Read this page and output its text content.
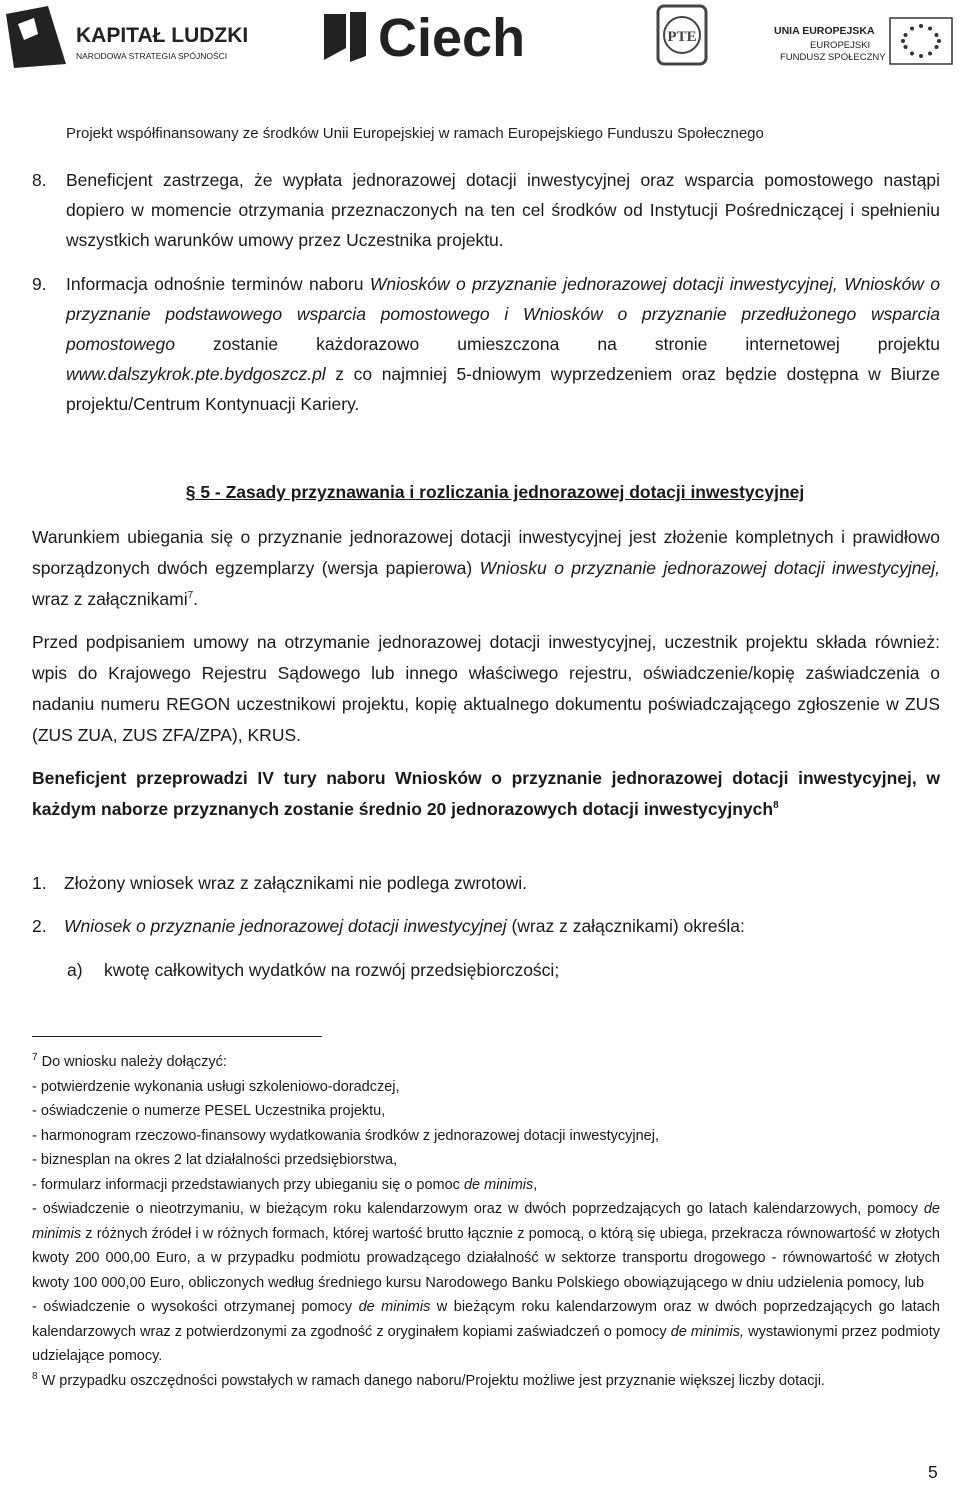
KAPITAŁ LUDZKI
NARODOWA STRATEGIA SPÓJNOŚCI	Ciech	PTE	UNIA EUROPEJSKA
EUROPEJSKI
FUNDUSZ SPOŁECZNY
Projekt współfinansowany ze środków Unii Europejskiej w ramach Europejskiego Funduszu Społecznego
8. Beneficjent zastrzega, że wypłata jednorazowej dotacji inwestycyjnej oraz wsparcia pomostowego nastąpi dopiero w momencie otrzymania przeznaczonych na ten cel środków od Instytucji Pośredniczącej i spełnieniu wszystkich warunków umowy przez Uczestnika projektu.
9. Informacja odnośnie terminów naboru Wniosków o przyznanie jednorazowej dotacji inwestycyjnej, Wniosków o przyznanie podstawowego wsparcia pomostowego i Wniosków o przyznanie przedłużonego wsparcia pomostowego zostanie każdorazowo umieszczona na stronie internetowej projektu www.dalszykrok.pte.bydgoszcz.pl z co najmniej 5-dniowym wyprzedzeniem oraz będzie dostępna w Biurze projektu/Centrum Kontynuacji Kariery.
§ 5 - Zasady przyznawania i rozliczania jednorazowej dotacji inwestycyjnej
Warunkiem ubiegania się o przyznanie jednorazowej dotacji inwestycyjnej jest złożenie kompletnych i prawidłowo sporządzonych dwóch egzemplarzy (wersja papierowa) Wniosku o przyznanie jednorazowej dotacji inwestycyjnej, wraz z załącznikami$^7$.
Przed podpisaniem umowy na otrzymanie jednorazowej dotacji inwestycyjnej, uczestnik projektu składa również: wpis do Krajowego Rejestru Sądowego lub innego właściwego rejestru, oświadczenie/kopię zaświadczenia o nadaniu numeru REGON uczestnikowi projektu, kopię aktualnego dokumentu poświadczającego zgłoszenie w ZUS (ZUS ZUA, ZUS ZFA/ZPA), KRUS.
Beneficjent przeprowadzi IV tury naboru Wniosków o przyznanie jednorazowej dotacji inwestycyjnej, w każdym naborze przyznanych zostanie średnio 20 jednorazowych dotacji inwestycyjnych$^8$
1. Złożony wniosek wraz z załącznikami nie podlega zwrotowi.
2. Wniosek o przyznanie jednorazowej dotacji inwestycyjnej (wraz z załącznikami) określa:
a) kwotę całkowitych wydatków na rozwój przedsiębiorczości;
$^7$ Do wniosku należy dołączyć:
- potwierdzenie wykonania usługi szkoleniowo-doradczej,
- oświadczenie o numerze PESEL Uczestnika projektu,
- harmonogram rzeczowo-finansowy wydatkowania środków z jednorazowej dotacji inwestycyjnej,
- biznesplan na okres 2 lat działalności przedsiębiorstwa,
- formularz informacji przedstawianych przy ubieganiu się o pomoc de minimis,
- oświadczenie o nieotrzymaniu, w bieżącym roku kalendarzowym oraz w dwóch poprzedzających go latach kalendarzowych, pomocy de minimis z różnych źródeł i w różnych formach, której wartość brutto łącznie z pomocą, o którą się ubiega, przekracza równowartość w złotych kwoty 200 000,00 Euro, a w przypadku podmiotu prowadzącego działalność w sektorze transportu drogowego - równowartość w złotych kwoty 100 000,00 Euro, obliczonych według średniego kursu Narodowego Banku Polskiego obowiązującego w dniu udzielenia pomocy, lub
- oświadczenie o wysokości otrzymanej pomocy de minimis w bieżącym roku kalendarzowym oraz w dwóch poprzedzających go latach kalendarzowych wraz z potwierdzonymi za zgodność z oryginałem kopiami zaświadczeń o pomocy de minimis, wystawionymi przez podmioty udzielające pomocy.
$^8$ W przypadku oszczędności powstałych w ramach danego naboru/Projektu możliwe jest przyznanie większej liczby dotacji.
5
